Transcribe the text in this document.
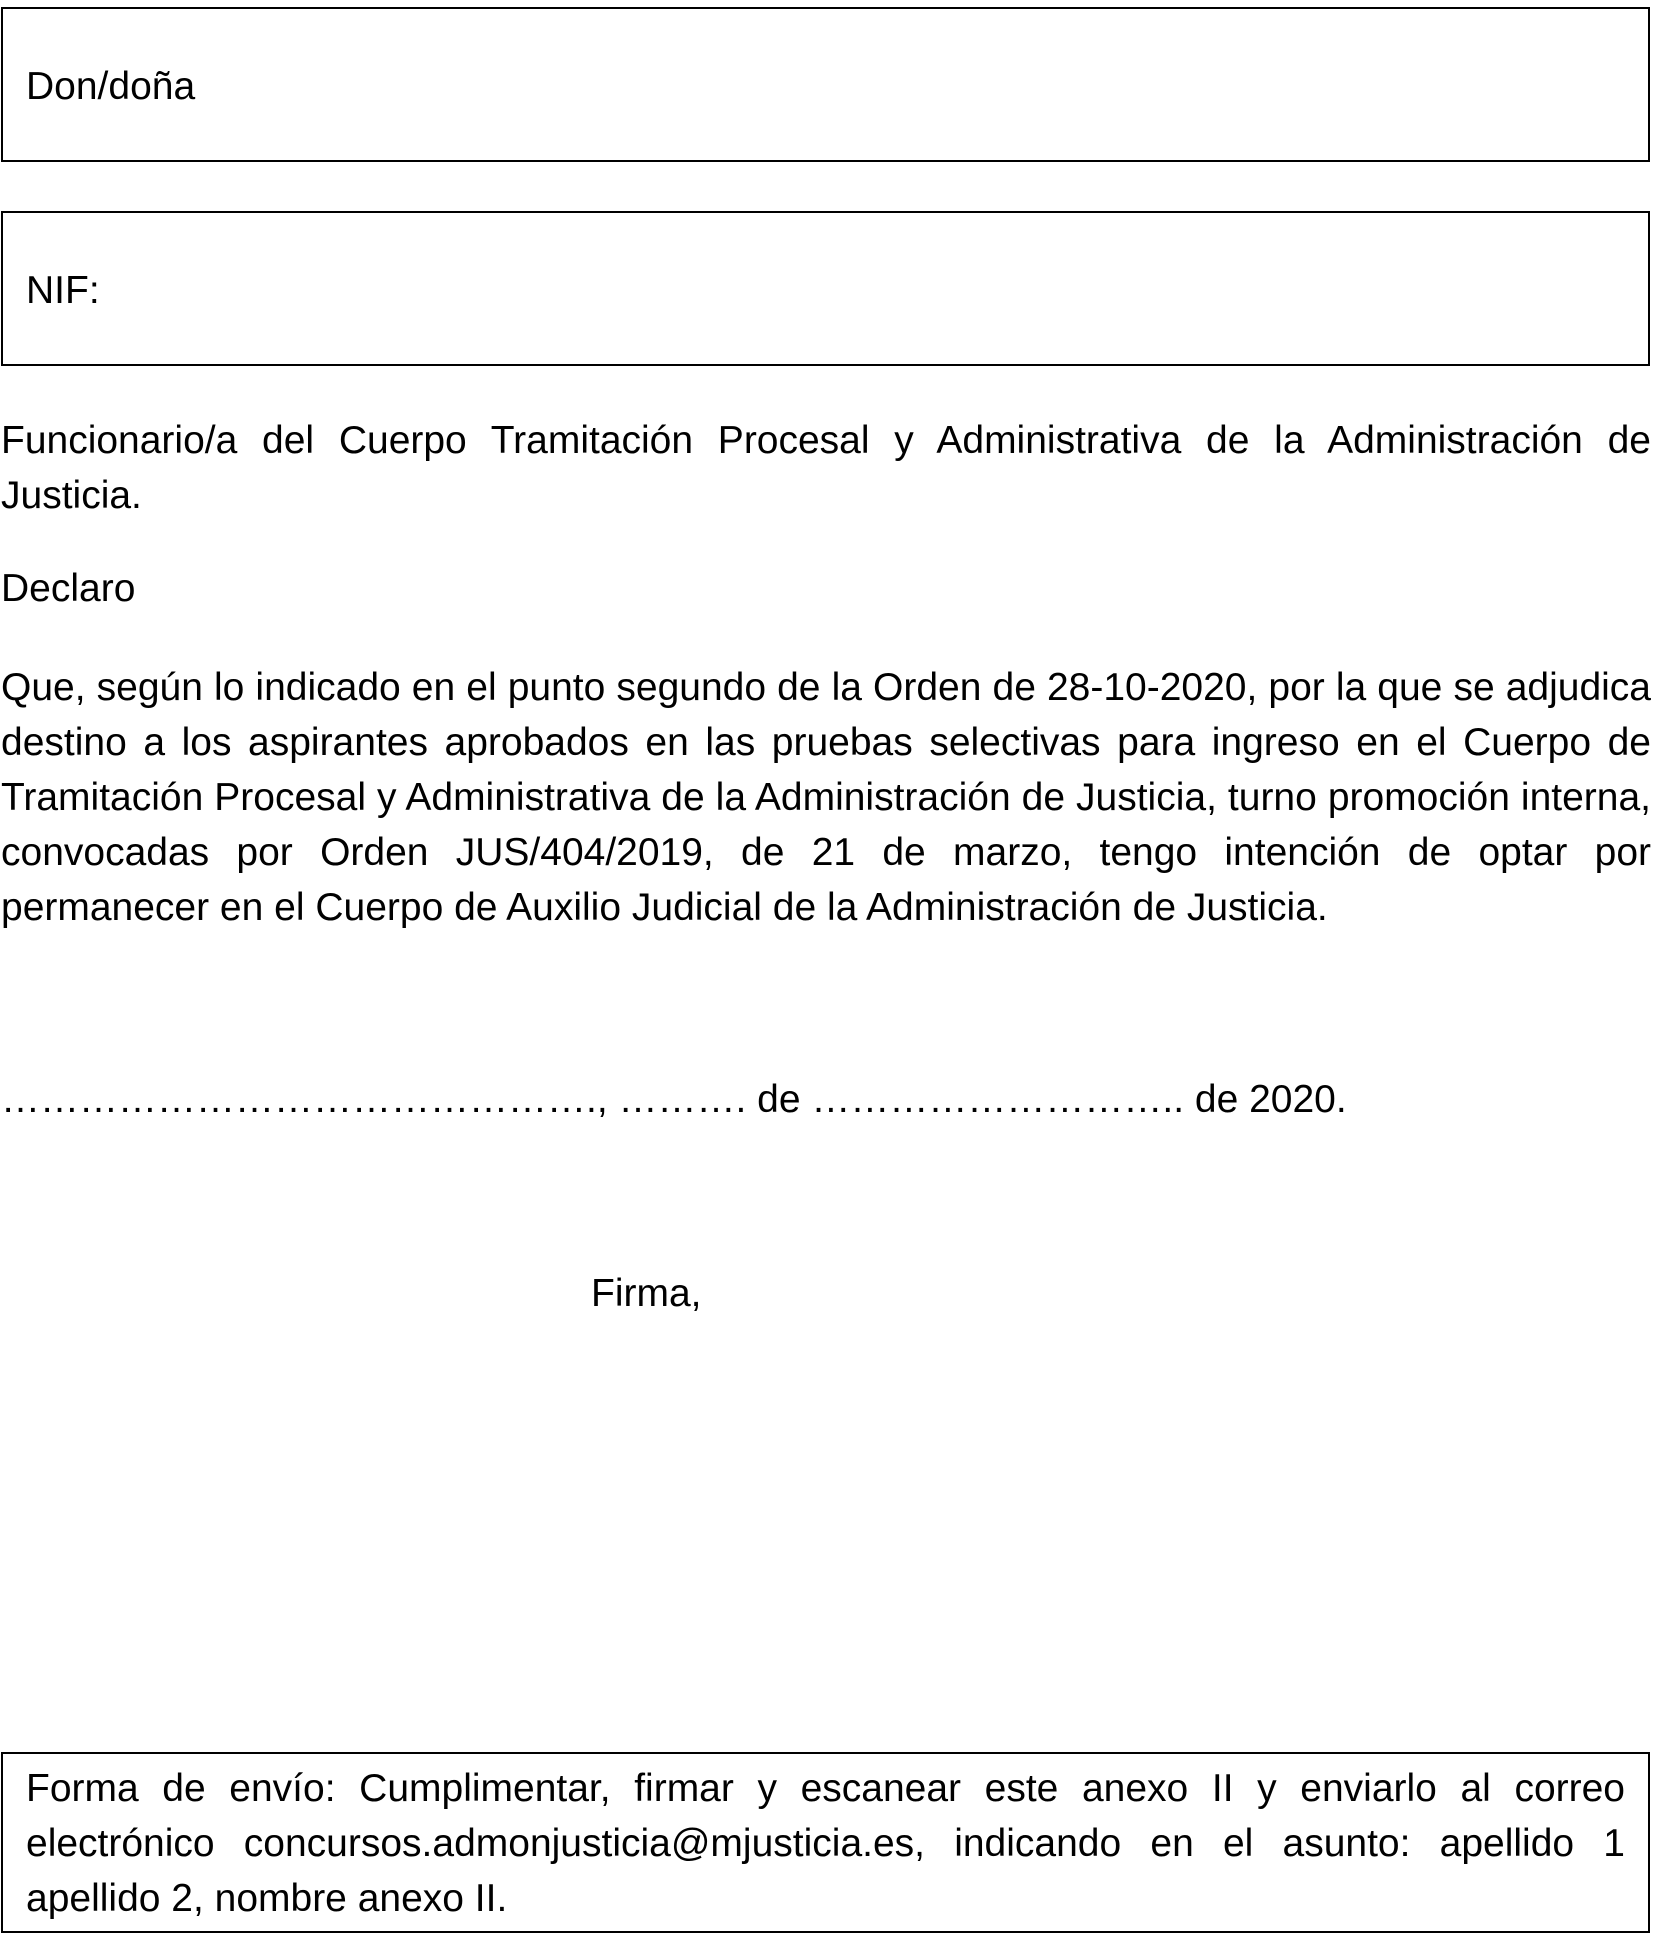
Don/doña
NIF:
Funcionario/a del Cuerpo Tramitación Procesal y Administrativa de la Administración de Justicia.
Declaro
Que, según lo indicado en el punto segundo de la Orden de 28-10-2020, por la que se adjudica destino a los aspirantes aprobados en las pruebas selectivas para ingreso en el Cuerpo de Tramitación Procesal y Administrativa de la Administración de Justicia, turno promoción interna, convocadas por Orden JUS/404/2019, de 21 de marzo, tengo intención de optar por permanecer en el Cuerpo de Auxilio Judicial de la Administración de Justicia.
………………………………………., ………. de ……………………….. de 2020.
Firma,
Forma de envío: Cumplimentar, firmar y escanear este anexo II y enviarlo al correo electrónico concursos.admonjusticia@mjusticia.es, indicando en el asunto: apellido 1 apellido 2, nombre anexo II.
